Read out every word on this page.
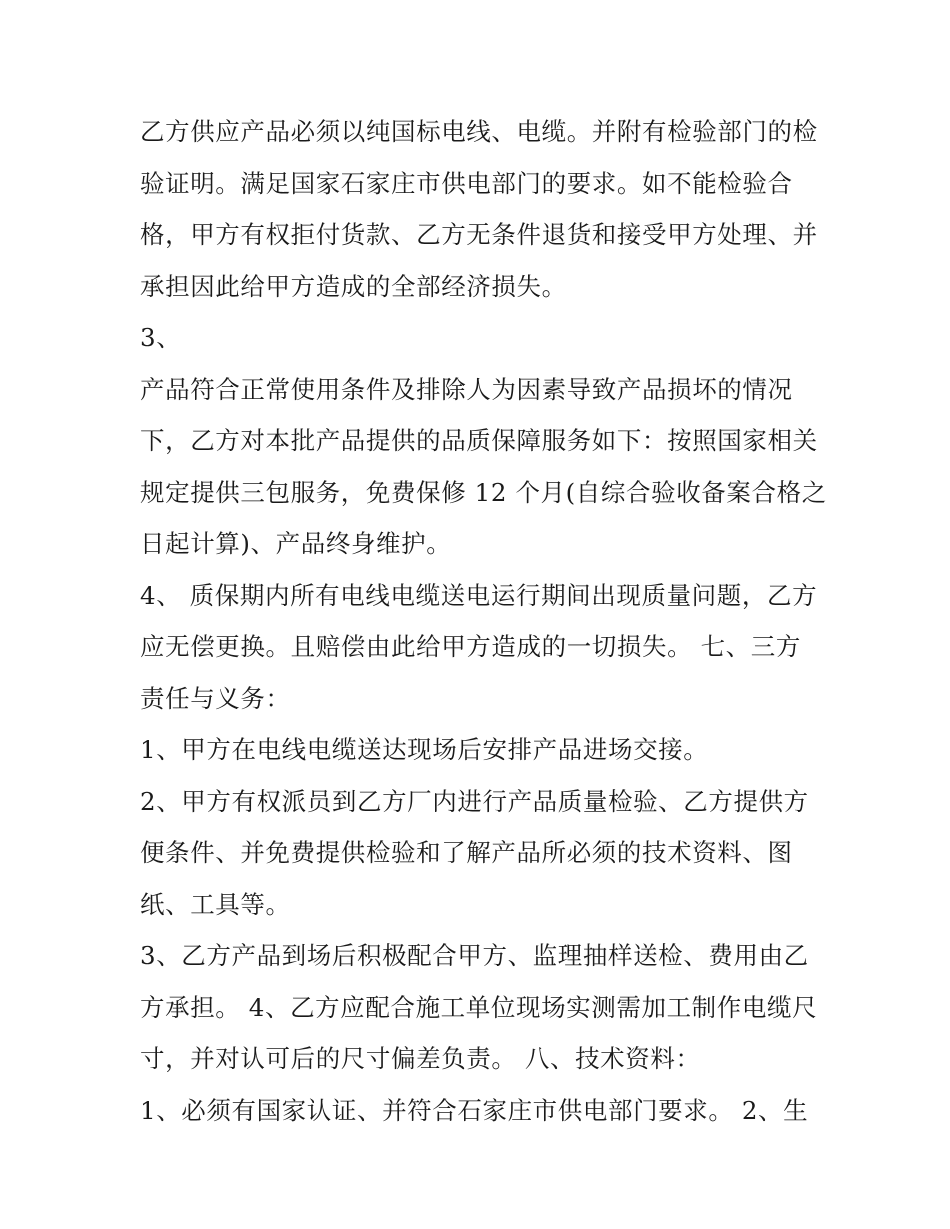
乙方供应产品必须以纯国标电线、电缆。并附有检验部门的检
验证明。满足国家石家庄市供电部门的要求。如不能检验合
格，甲方有权拒付货款、乙方无条件退货和接受甲方处理、并
承担因此给甲方造成的全部经济损失。
3、
产品符合正常使用条件及排除人为因素导致产品损坏的情况
下，乙方对本批产品提供的品质保障服务如下：按照国家相关
规定提供三包服务，免费保修 12 个月(自综合验收备案合格之
日起计算)、产品终身维护。
4、 质保期内所有电线电缆送电运行期间出现质量问题，乙方
应无偿更换。且赔偿由此给甲方造成的一切损失。 七、三方
责任与义务：
1、甲方在电线电缆送达现场后安排产品进场交接。
2、甲方有权派员到乙方厂内进行产品质量检验、乙方提供方
便条件、并免费提供检验和了解产品所必须的技术资料、图
纸、工具等。
3、乙方产品到场后积极配合甲方、监理抽样送检、费用由乙
方承担。 4、乙方应配合施工单位现场实测需加工制作电缆尺
寸，并对认可后的尺寸偏差负责。 八、技术资料：
1、必须有国家认证、并符合石家庄市供电部门要求。 2、生
